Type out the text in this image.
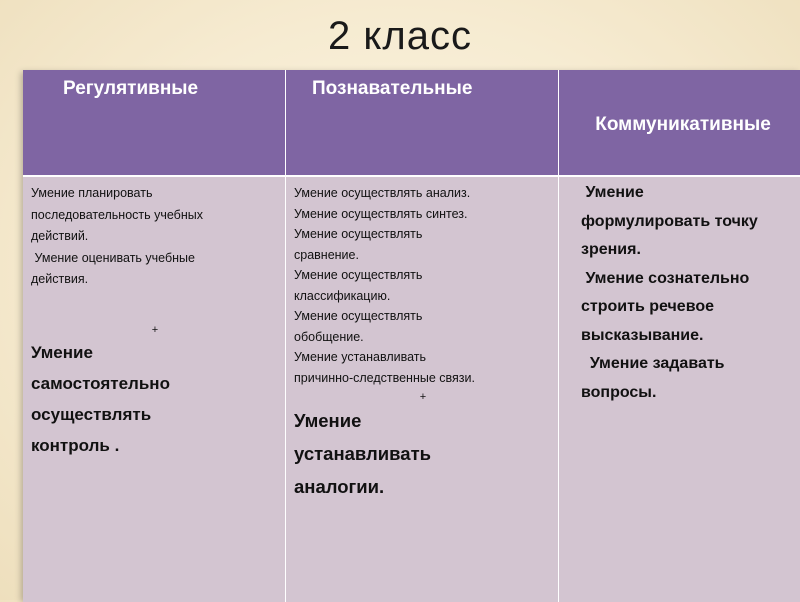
2 класс
Регулятивные	Познавательные
Коммуникативные
Умение планировать
последовательность учебных
действий.
Умение оценивать учебные
действия.
+
Умение
самостоятельно
осуществлять
контроль .
Умение осуществлять анализ.
Умение осуществлять синтез.
Умение осуществлять
сравнение.
Умение осуществлять
классификацию.
Умение осуществлять
обобщение.
Умение устанавливать
причинно-следственные связи.
+
Умение
устанавливать
аналогии.
Умение
формулировать точку
зрения.
Умение сознательно
строить речевое
высказывание.
Умение задавать
вопросы.
